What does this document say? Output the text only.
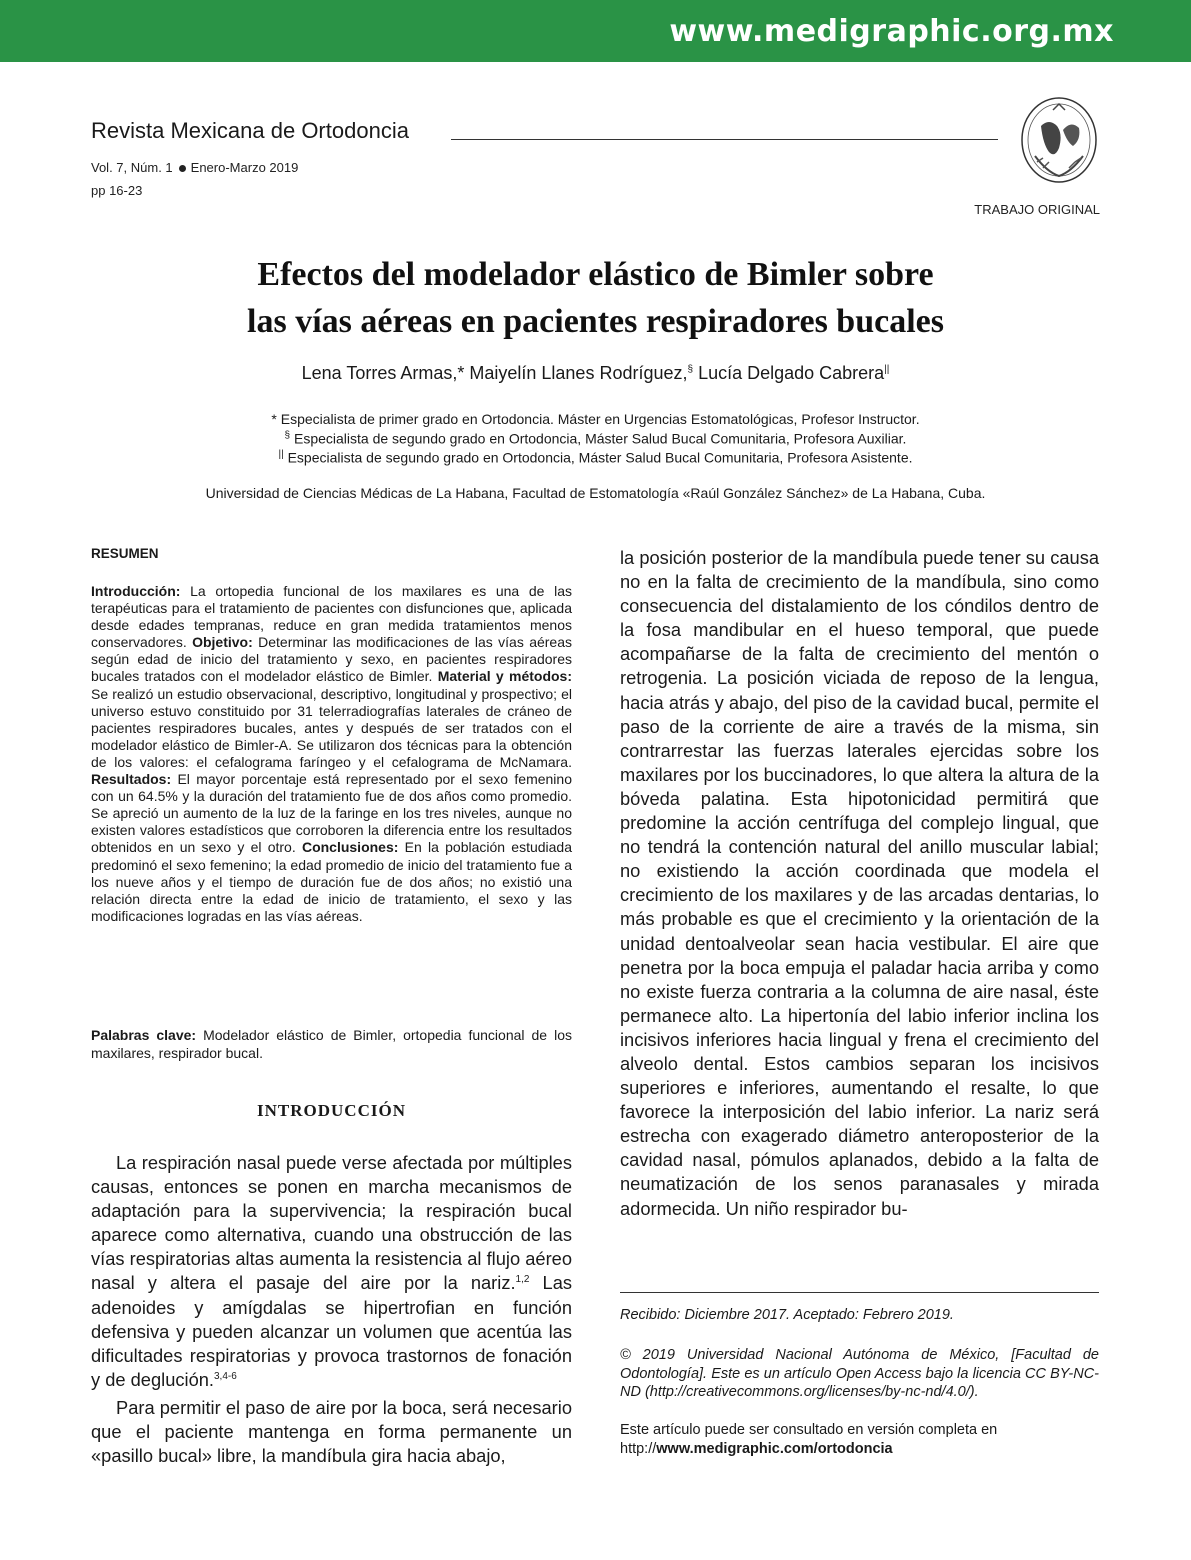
www.medigraphic.org.mx
Revista Mexicana de Ortodoncia
Vol. 7, Núm. 1 Enero-Marzo 2019
pp 16-23
TRABAJO ORIGINAL
Efectos del modelador elástico de Bimler sobre
las vías aéreas en pacientes respiradores bucales
Lena Torres Armas,* Maiyelín Llanes Rodríguez,§ Lucía Delgado Cabrera||
* Especialista de primer grado en Ortodoncia. Máster en Urgencias Estomatológicas, Profesor Instructor.
§ Especialista de segundo grado en Ortodoncia, Máster Salud Bucal Comunitaria, Profesora Auxiliar.
|| Especialista de segundo grado en Ortodoncia, Máster Salud Bucal Comunitaria, Profesora Asistente.
Universidad de Ciencias Médicas de La Habana, Facultad de Estomatología «Raúl González Sánchez» de La Habana, Cuba.
RESUMEN
Introducción: La ortopedia funcional de los maxilares es una de las terapéuticas para el tratamiento de pacientes con disfunciones que, aplicada desde edades tempranas, reduce en gran medida tratamientos menos conservadores. Objetivo: Determinar las modificaciones de las vías aéreas según edad de inicio del tratamiento y sexo, en pacientes respiradores bucales tratados con el modelador elástico de Bimler. Material y métodos: Se realizó un estudio observacional, descriptivo, longitudinal y prospectivo; el universo estuvo constituido por 31 telerradiografías laterales de cráneo de pacientes respiradores bucales, antes y después de ser tratados con el modelador elástico de Bimler-A. Se utilizaron dos técnicas para la obtención de los valores: el cefalograma faríngeo y el cefalograma de McNamara. Resultados: El mayor porcentaje está representado por el sexo femenino con un 64.5% y la duración del tratamiento fue de dos años como promedio. Se apreció un aumento de la luz de la faringe en los tres niveles, aunque no existen valores estadísticos que corroboren la diferencia entre los resultados obtenidos en un sexo y el otro. Conclusiones: En la población estudiada predominó el sexo femenino; la edad promedio de inicio del tratamiento fue a los nueve años y el tiempo de duración fue de dos años; no existió una relación directa entre la edad de inicio de tratamiento, el sexo y las modificaciones logradas en las vías aéreas.
Palabras clave: Modelador elástico de Bimler, ortopedia funcional de los maxilares, respirador bucal.
INTRODUCCIÓN

La respiración nasal puede verse afectada por múltiples causas, entonces se ponen en marcha mecanismos de adaptación para la supervivencia; la respiración bucal aparece como alternativa, cuando una obstrucción de las vías respiratorias altas aumenta la resistencia al flujo aéreo nasal y altera el pasaje del aire por la nariz.$^{1,2}$ Las adenoides y amígdalas se hipertrofian en función defensiva y pueden alcanzar un volumen que acentúa las dificultades respiratorias y provoca trastornos de fonación y de deglución.$^{3,4-6}$

Para permitir el paso de aire por la boca, será necesario que el paciente mantenga en forma permanente un «pasillo bucal» libre, la mandíbula gira hacia abajo,

la posición posterior de la mandíbula puede tener su causa no en la falta de crecimiento de la mandíbula, sino como consecuencia del distalamiento de los cóndilos dentro de la fosa mandibular en el hueso temporal, que puede acompañarse de la falta de crecimiento del mentón o retrogenia. La posición viciada de reposo de la lengua, hacia atrás y abajo, del piso de la cavidad bucal, permite el paso de la corriente de aire a través de la misma, sin contrarrestar las fuerzas laterales ejercidas sobre los maxilares por los buccinadores, lo que altera la altura de la bóveda palatina. Esta hipotonicidad permitirá que predomine la acción centrífuga del complejo lingual, que no tendrá la contención natural del anillo muscular labial; no existiendo la acción coordinada que modela el crecimiento de los maxilares y de las arcadas dentarias, lo más probable es que el crecimiento y la orientación de la unidad dentoalveolar sean hacia vestibular. El aire que penetra por la boca empuja el paladar hacia arriba y como no existe fuerza contraria a la columna de aire nasal, éste permanece alto. La hipertonía del labio inferior inclina los incisivos inferiores hacia lingual y frena el crecimiento del alveolo dental. Estos cambios separan los incisivos superiores e inferiores, aumentando el resalte, lo que favorece la interposición del labio inferior. La nariz será estrecha con exagerado diámetro anteroposterior de la cavidad nasal, pómulos aplanados, debido a la falta de neumatización de los senos paranasales y mirada adormecida. Un niño respirador bu-

Recibido: Diciembre 2017. Aceptado: Febrero 2019.
© 2019 Universidad Nacional Autónoma de México, [Facultad de Odontología]. Este es un artículo Open Access bajo la licencia CC BY-NC-ND (http://creativecommons.org/licenses/by-nc-nd/4.0/).
Este artículo puede ser consultado en versión completa en
http://www.medigraphic.com/ortodoncia
